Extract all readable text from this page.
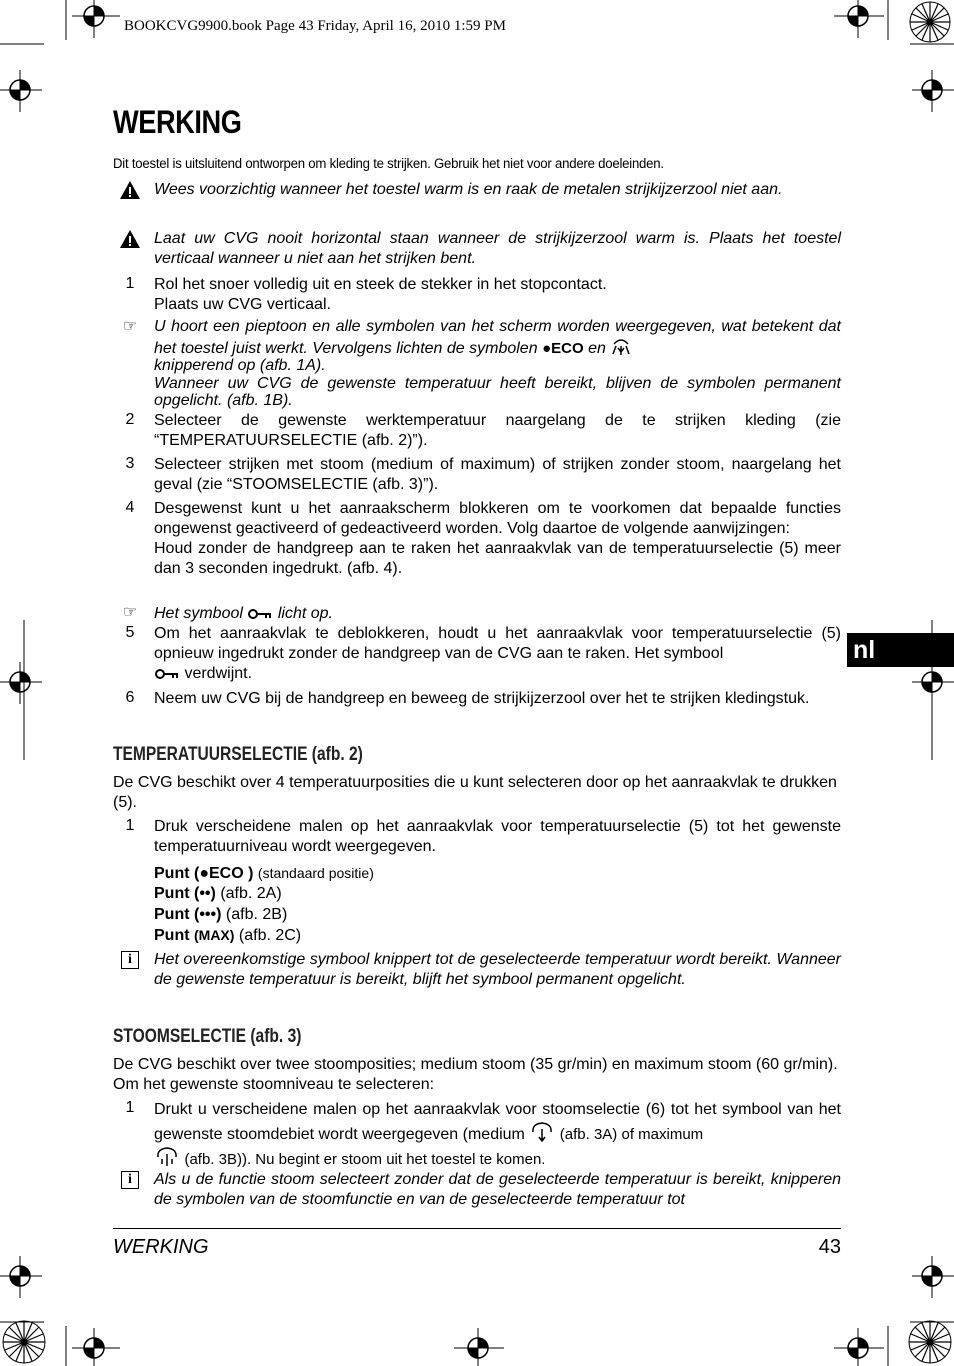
BOOKCVG9900.book Page 43 Friday, April 16, 2010 1:59 PM
WERKING
Dit toestel is uitsluitend ontworpen om kleding te strijken. Gebruik het niet voor andere doeleinden.
Wees voorzichtig wanneer het toestel warm is en raak de metalen strijkijzerzool niet aan.
Laat uw CVG nooit horizontal staan wanneer de strijkijzerzool warm is. Plaats het toestel verticaal wanneer u niet aan het strijken bent.
1	Rol het snoer volledig uit en steek de stekker in het stopcontact.
Plaats uw CVG verticaal.
☞	U hoort een pieptoon en alle symbolen van het scherm worden weergegeven, wat betekent dat het toestel juist werkt. Vervolgens lichten de symbolen ●ECO en
knipperend op (afb. 1A).
Wanneer uw CVG de gewenste temperatuur heeft bereikt, blijven de symbolen permanent opgelicht. (afb. 1B).
2	Selecteer de gewenste werktemperatuur naargelang de te strijken kleding (zie “TEMPERATUURSELECTIE (afb. 2)”).
3	Selecteer strijken met stoom (medium of maximum) of strijken zonder stoom, naargelang het geval (zie “STOOMSELECTIE (afb. 3)”).
4	Desgewenst kunt u het aanraakscherm blokkeren om te voorkomen dat bepaalde functies ongewenst geactiveerd of gedeactiveerd worden. Volg daartoe de volgende aanwijzingen:
Houd zonder de handgreep aan te raken het aanraakvlak van de temperatuurselectie (5) meer dan 3 seconden ingedrukt. (afb. 4).
☞	Het symbool licht op.
5	Om het aanraakvlak te deblokkeren, houdt u het aanraakvlak voor temperatuurselectie (5) opnieuw ingedrukt zonder de handgreep van de CVG aan te raken. Het symbool
verdwijnt.
6	Neem uw CVG bij de handgreep en beweeg de strijkijzerzool over het te strijken kledingstuk.
TEMPERATUURSELECTIE (afb. 2)
De CVG beschikt over 4 temperatuurposities die u kunt selecteren door op het aanraakvlak te drukken (5).
1	Druk verscheidene malen op het aanraakvlak voor temperatuurselectie (5) tot het gewenste temperatuurniveau wordt weergegeven.
Punt (●ECO ) (standaard positie)
Punt (••) (afb. 2A)
Punt (•••) (afb. 2B)
Punt (MAX) (afb. 2C)
i	Het overeenkomstige symbool knippert tot de geselecteerde temperatuur wordt bereikt. Wanneer de gewenste temperatuur is bereikt, blijft het symbool permanent opgelicht.
STOOMSELECTIE (afb. 3)
De CVG beschikt over twee stoomposities; medium stoom (35 gr/min) en maximum stoom (60 gr/min). Om het gewenste stoomniveau te selecteren:
1	Drukt u verscheidene malen op het aanraakvlak voor stoomselectie (6) tot het symbool van het gewenste stoomdebiet wordt weergegeven (medium (afb. 3A) of maximum
(afb. 3B)). Nu begint er stoom uit het toestel te komen.
i	Als u de functie stoom selecteert zonder dat de geselecteerde temperatuur is bereikt, knipperen de symbolen van de stoomfunctie en van de geselecteerde temperatuur tot
nl
WERKING	43
